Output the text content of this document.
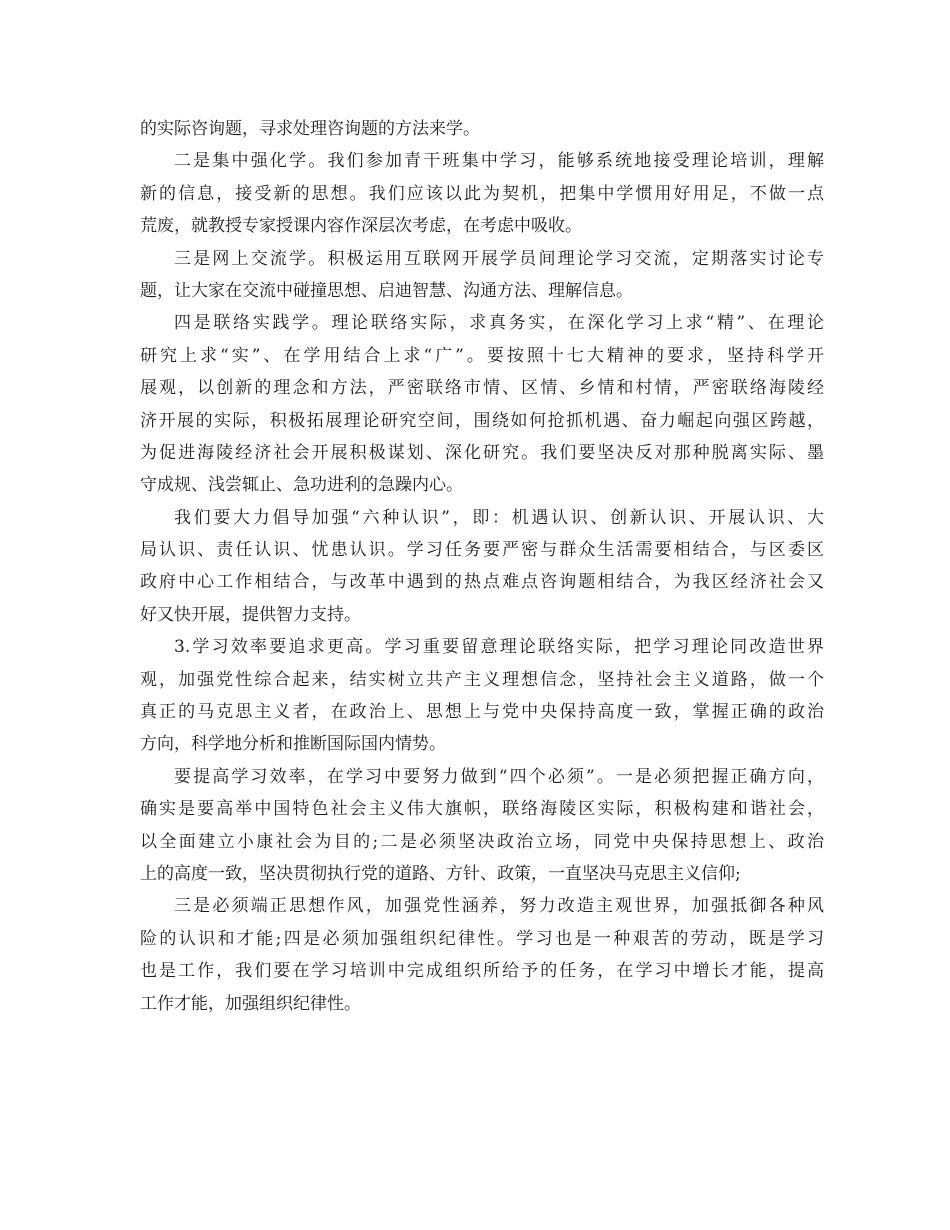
的实际咨询题，寻求处理咨询题的方法来学。
二是集中强化学。我们参加青干班集中学习，能够系统地接受理论培训，理解
新的信息，接受新的思想。我们应该以此为契机，把集中学惯用好用足，不做一点
荒废，就教授专家授课内容作深层次考虑，在考虑中吸收。
三是网上交流学。积极运用互联网开展学员间理论学习交流，定期落实讨论专
题，让大家在交流中碰撞思想、启迪智慧、沟通方法、理解信息。
四是联络实践学。理论联络实际，求真务实，在深化学习上求“精”、在理论
研究上求“实”、在学用结合上求“广”。要按照十七大精神的要求，坚持科学开
展观，以创新的理念和方法，严密联络市情、区情、乡情和村情，严密联络海陵经
济开展的实际，积极拓展理论研究空间，围绕如何抢抓机遇、奋力崛起向强区跨越，
为促进海陵经济社会开展积极谋划、深化研究。我们要坚决反对那种脱离实际、墨
守成规、浅尝辄止、急功进利的急躁内心。
我们要大力倡导加强“六种认识”，即：机遇认识、创新认识、开展认识、大
局认识、责任认识、忧患认识。学习任务要严密与群众生活需要相结合，与区委区
政府中心工作相结合，与改革中遇到的热点难点咨询题相结合，为我区经济社会又
好又快开展，提供智力支持。
3.学习效率要追求更高。学习重要留意理论联络实际，把学习理论同改造世界
观，加强党性综合起来，结实树立共产主义理想信念，坚持社会主义道路，做一个
真正的马克思主义者，在政治上、思想上与党中央保持高度一致，掌握正确的政治
方向，科学地分析和推断国际国内情势。
要提高学习效率，在学习中要努力做到“四个必须”。一是必须把握正确方向，
确实是要高举中国特色社会主义伟大旗帜，联络海陵区实际，积极构建和谐社会，
以全面建立小康社会为目的;二是必须坚决政治立场，同党中央保持思想上、政治
上的高度一致，坚决贯彻执行党的道路、方针、政策，一直坚决马克思主义信仰;
三是必须端正思想作风，加强党性涵养，努力改造主观世界，加强抵御各种风
险的认识和才能;四是必须加强组织纪律性。学习也是一种艰苦的劳动，既是学习
也是工作，我们要在学习培训中完成组织所给予的任务，在学习中增长才能，提高
工作才能，加强组织纪律性。
